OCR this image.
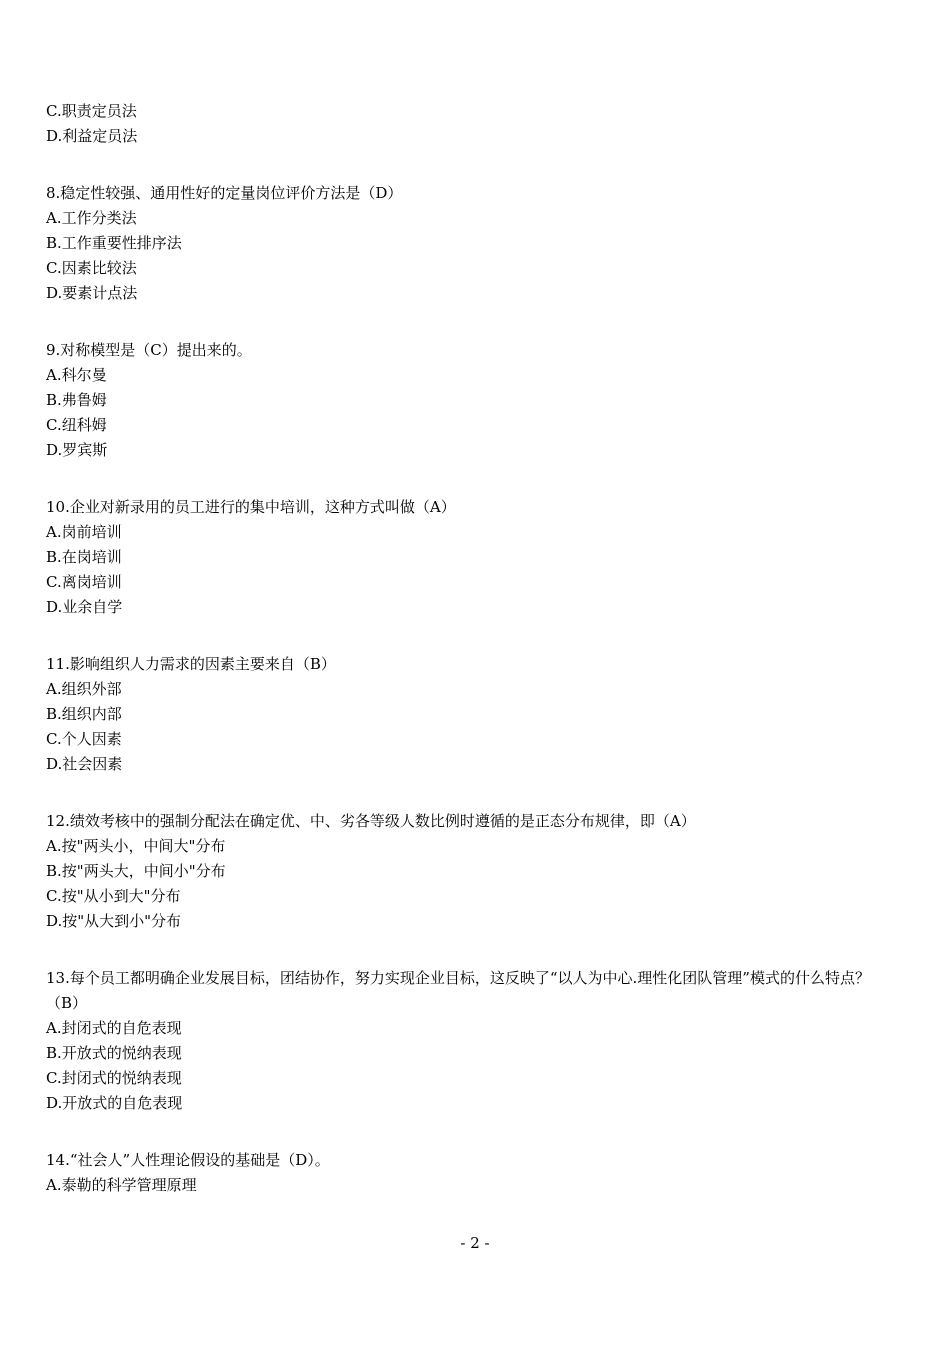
C.职责定员法
D.利益定员法
8.稳定性较强、通用性好的定量岗位评价方法是（D）
A.工作分类法
B.工作重要性排序法
C.因素比较法
D.要素计点法
9.对称模型是（C）提出来的。
A.科尔曼
B.弗鲁姆
C.纽科姆
D.罗宾斯
10.企业对新录用的员工进行的集中培训，这种方式叫做（A）
A.岗前培训
B.在岗培训
C.离岗培训
D.业余自学
11.影响组织人力需求的因素主要来自（B）
A.组织外部
B.组织内部
C.个人因素
D.社会因素
12.绩效考核中的强制分配法在确定优、中、劣各等级人数比例时遵循的是正态分布规律，即（A）
A.按"两头小，中间大"分布
B.按"两头大，中间小"分布
C.按"从小到大"分布
D.按"从大到小"分布
13.每个员工都明确企业发展目标，团结协作，努力实现企业目标，这反映了“以人为中心.理性化团队管理”模式的什么特点？（B）
A.封闭式的自危表现
B.开放式的悦纳表现
C.封闭式的悦纳表现
D.开放式的自危表现
14.“社会人”人性理论假设的基础是（D）。
A.泰勒的科学管理原理
- 2 -
